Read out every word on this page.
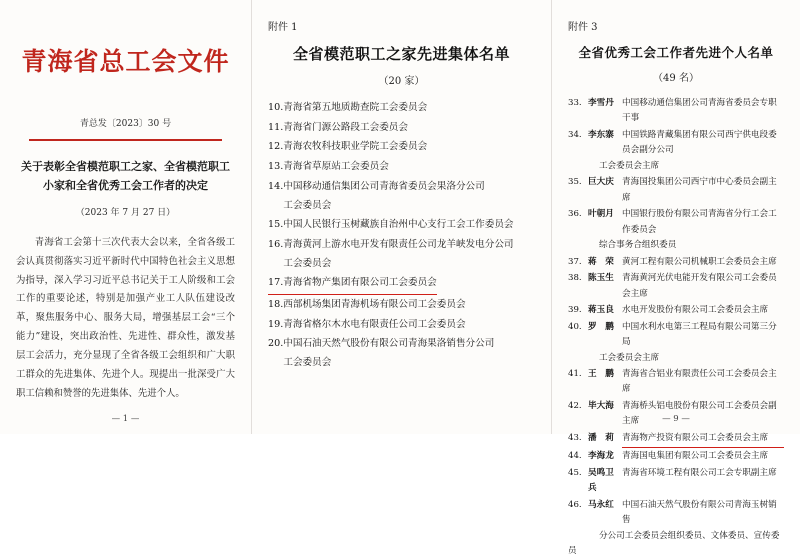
青海省总工会文件
青总发〔2023〕30 号
关于表彰全省模范职工之家、全省模范职工
小家和全省优秀工会工作者的决定
（2023 年 7 月 27 日）
青海省工会第十三次代表大会以来，全省各级工会认真贯彻落实习近平新时代中国特色社会主义思想为指导，深入学习习近平总书记关于工人阶级和工会工作的重要论述，特别是加强产业工人队伍建设改革，聚焦服务中心、服务大局，增强基层工会“三个能力”建设，突出政治性、先进性、群众性，激发基层工会活力，充分显现了全省各级工会组织和广大职工群众的先进集体、先进个人。现提出一批深受广大职工信赖和赞誉的先进集体、先进个人。
— 1 —
附件 1
全省模范职工之家先进集体名单
（20 家）
10.青海省第五地质勘查院工会委员会
11.青海省门源公路段工会委员会
12.青海农牧科技职业学院工会委员会
13.青海省草原站工会委员会
14.中国移动通信集团公司青海省委员会果洛分公司

工会委员会
15.中国人民银行玉树藏族自治州中心支行工会工作委员会
16.青海黄河上游水电开发有限责任公司龙羊峡发电分公司

工会委员会
17.青海省物产集团有限公司工会委员会
18.西部机场集团青海机场有限公司工会委员会
19.青海省格尔木水电有限责任公司工会委员会
20.中国石油天然气股份有限公司青海果洛销售分公司

工会委员会
附件 3
全省优秀工会工作者先进个人名单
（49 名）
33. 李雪丹 中国移动通信集团公司青海省委员会专职干事
34. 李东寨 中国铁路青藏集团有限公司西宁供电段委员会副分公司
工会委员会主席
35. 巨大庆 青海国投集团公司西宁市中心委员会副主席
36. 叶朝月 中国银行股份有限公司青海省分行工会工作委员会
综合事务合组织委员
37. 蒋　荣 黄河工程有限公司机械职工会委员会主席
38. 陈玉生 青海黄河光伏电能开发有限公司工会委员会主席
39. 蒋玉良 水电开发股份有限公司工会委员会主席
40. 罗　鹏 中国水利水电第三工程局有限公司第三分局
工会委员会主席
41. 王　鹏 青海省合铝业有限责任公司工会委员会主席
42. 毕大海 青海桥头铝电股份有限公司工会委员会副主席
43. 潘　莉 青海物产投资有限公司工会委员会主席
44. 李海龙 青海国电集团有限公司工会委员会主席
45. 吴鸣卫兵
青海省环境工程有限公司工会专职副主席
46. 马永红 中国石油天然气股份有限公司青海玉树销售
分公司工会委员会组织委员、文体委员、宣传委员
— 9 —
